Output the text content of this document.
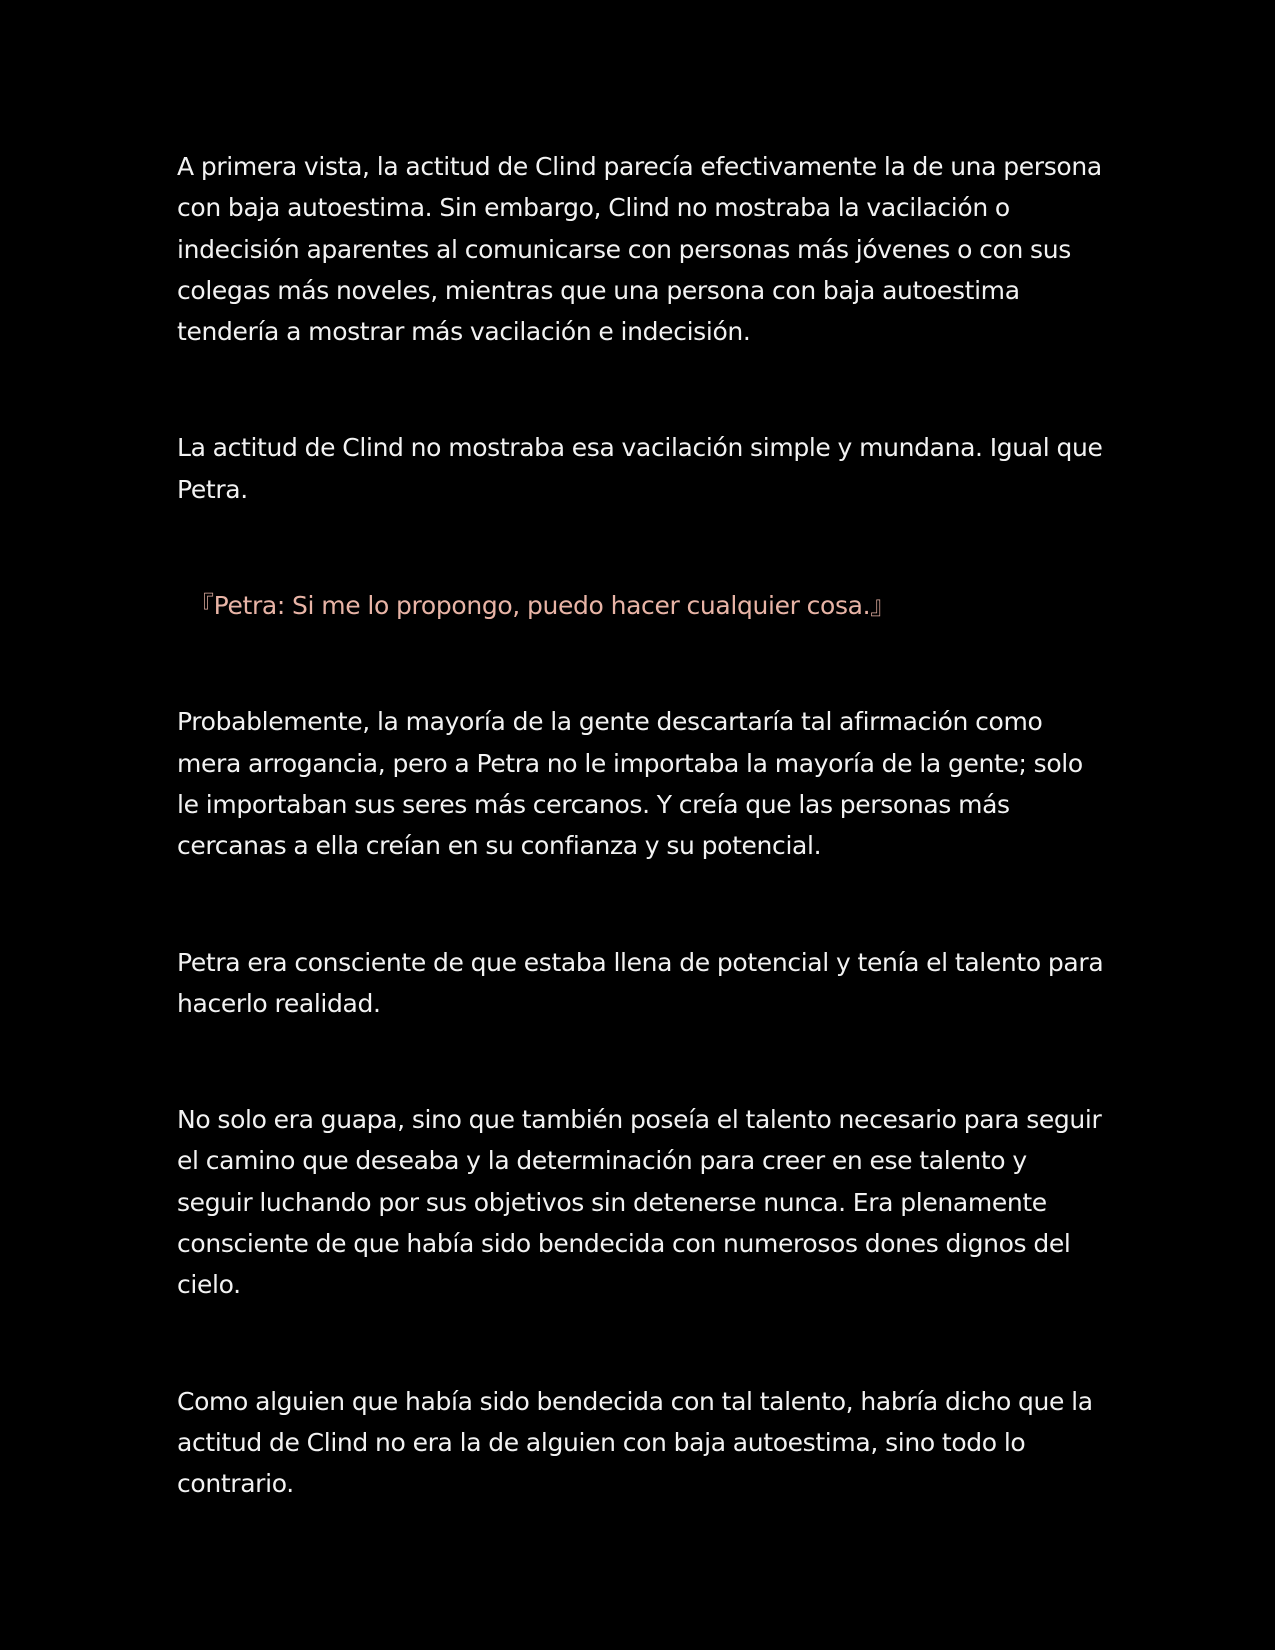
A primera vista, la actitud de Clind parecía efectivamente la de una persona con baja autoestima. Sin embargo, Clind no mostraba la vacilación o indecisión aparentes al comunicarse con personas más jóvenes o con sus colegas más noveles, mientras que una persona con baja autoestima tendería a mostrar más vacilación e indecisión.

La actitud de Clind no mostraba esa vacilación simple y mundana. Igual que Petra.

『Petra: Si me lo propongo, puedo hacer cualquier cosa.』

Probablemente, la mayoría de la gente descartaría tal afirmación como mera arrogancia, pero a Petra no le importaba la mayoría de la gente; solo le importaban sus seres más cercanos. Y creía que las personas más cercanas a ella creían en su confianza y su potencial.

Petra era consciente de que estaba llena de potencial y tenía el talento para hacerlo realidad.

No solo era guapa, sino que también poseía el talento necesario para seguir el camino que deseaba y la determinación para creer en ese talento y seguir luchando por sus objetivos sin detenerse nunca. Era plenamente consciente de que había sido bendecida con numerosos dones dignos del cielo.

Como alguien que había sido bendecida con tal talento, habría dicho que la actitud de Clind no era la de alguien con baja autoestima, sino todo lo contrario.
